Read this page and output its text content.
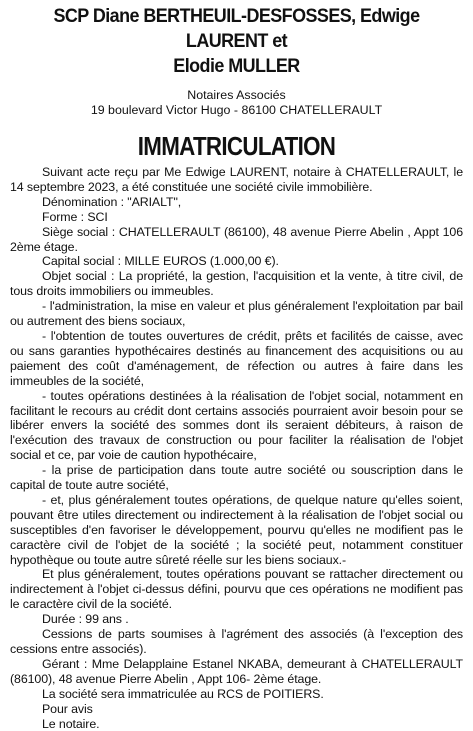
SCP Diane BERTHEUIL-DESFOSSES, Edwige LAURENT et

Elodie MULLER

Notaires Associés

19 boulevard Victor Hugo - 86100 CHATELLERAULT

IMMATRICULATION

Suivant acte reçu par Me Edwige LAURENT, notaire à CHATELLERAULT, le 14 septembre 2023, a été constituée une société civile immobilière.

Dénomination : "ARIALT",

Forme : SCI

Siège social : CHATELLERAULT (86100), 48 avenue Pierre Abelin , Appt 106 2ème étage.

Capital social : MILLE EUROS (1.000,00 €).

Objet social : La propriété, la gestion, l'acquisition et la vente, à titre civil, de tous droits immobiliers ou immeubles.

- l'administration, la mise en valeur et plus généralement l'exploitation par bail ou autrement des biens sociaux,

- l'obtention de toutes ouvertures de crédit, prêts et facilités de caisse, avec ou sans garanties hypothécaires destinés au financement des acquisitions ou au paiement des coût d'aménagement, de réfection ou autres à faire dans les immeubles de la société,

- toutes opérations destinées à la réalisation de l'objet social, notamment en facilitant le recours au crédit dont certains associés pourraient avoir besoin pour se libérer envers la société des sommes dont ils seraient débiteurs, à raison de l'exécution des travaux de construction ou pour faciliter la réalisation de l'objet social et ce, par voie de caution hypothécaire,

- la prise de participation dans toute autre société ou souscription dans le capital de toute autre société,

- et, plus généralement toutes opérations, de quelque nature qu'elles soient, pouvant être utiles directement ou indirectement à la réalisation de l'objet social ou susceptibles d'en favoriser le développement, pourvu qu'elles ne modifient pas le caractère civil de l'objet de la société ; la société peut, notamment constituer hypothèque ou toute autre sûreté réelle sur les biens sociaux.-

Et plus généralement, toutes opérations pouvant se rattacher directement ou indirectement à l'objet ci-dessus défini, pourvu que ces opérations ne modifient pas le caractère civil de la société.

Durée : 99 ans .

Cessions de parts soumises à l'agrément des associés (à l'exception des cessions entre associés).

Gérant : Mme Delapplaine Estanel NKABA, demeurant à CHATELLERAULT (86100), 48 avenue Pierre Abelin , Appt 106- 2ème étage.

La société sera immatriculée au RCS de POITIERS.

Pour avis

Le notaire.
